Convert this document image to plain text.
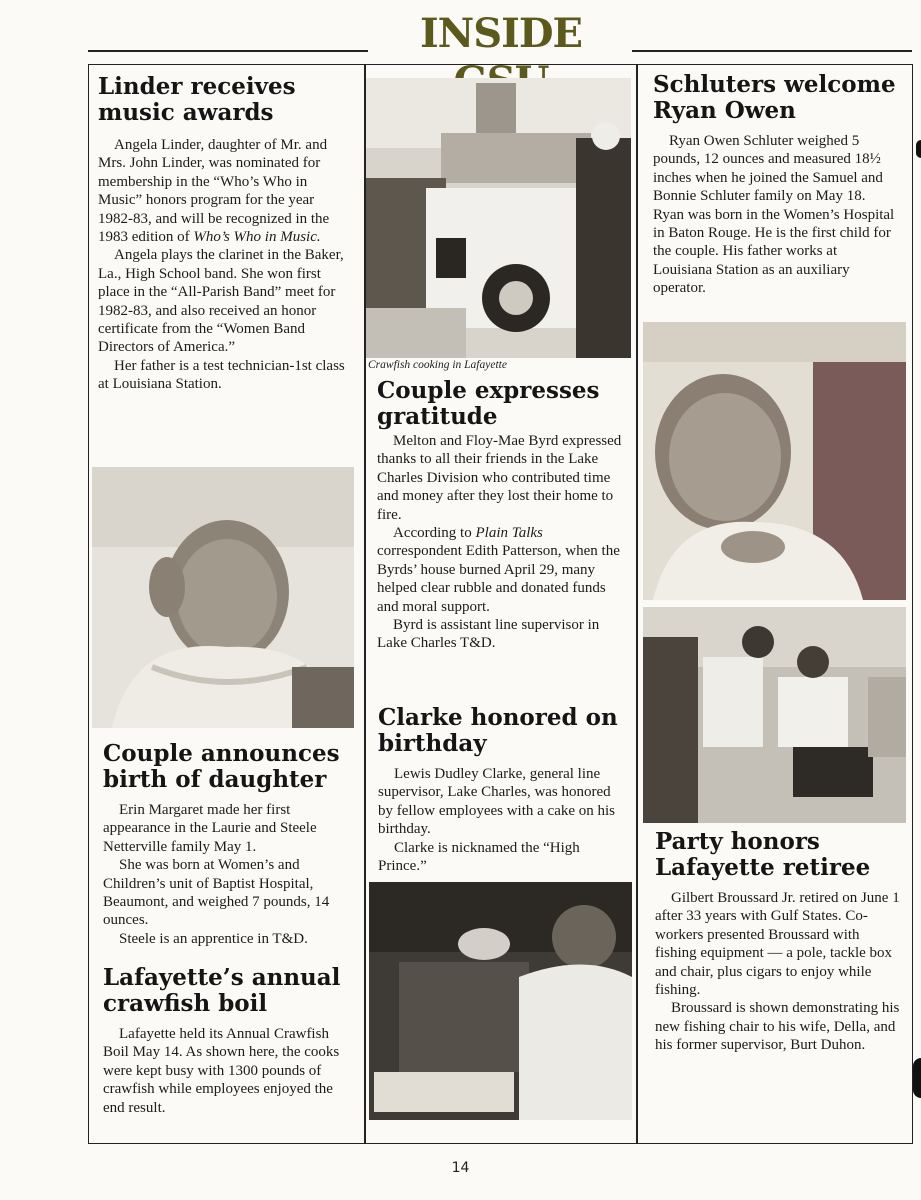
INSIDE
Linder receives music awards

Angela Linder, daughter of Mr. and Mrs. John Linder, was nominated for membership in the “Who’s Who in Music” honors program for the year 1982-83, and will be recognized in the 1983 edition of Who’s Who in Music.

Angela plays the clarinet in the Baker, La., High School band. She won first place in the “All-Parish Band” meet for 1982-83, and also received an honor certificate from the “Women Band Directors of America.”

Her father is a test technician-1st class at Louisiana Station.

Couple announces birth of daughter

Erin Margaret made her first appearance in the Laurie and Steele Netterville family May 1.

She was born at Women’s and Children’s unit of Baptist Hospital, Beaumont, and weighed 7 pounds, 14 ounces.

Steele is an apprentice in T&D.

Lafayette’s annual crawfish boil

Lafayette held its Annual Crawfish Boil May 14. As shown here, the cooks were kept busy with 1300 pounds of crawfish while employees enjoyed the end result.

Crawfish cooking in Lafayette
Couple expresses gratitude

Melton and Floy-Mae Byrd expressed thanks to all their friends in the Lake Charles Division who contributed time and money after they lost their home to fire.

According to Plain Talks correspondent Edith Patterson, when the Byrds’ house burned April 29, many helped clear rubble and donated funds and moral support.

Byrd is assistant line supervisor in Lake Charles T&D.

Clarke honored on birthday

Lewis Dudley Clarke, general line supervisor, Lake Charles, was honored by fellow employees with a cake on his birthday.

Clarke is nicknamed the “High Prince.”

Schluters welcome Ryan Owen

Ryan Owen Schluter weighed 5 pounds, 12 ounces and measured 18½ inches when he joined the Samuel and Bonnie Schluter family on May 18. Ryan was born in the Women’s Hospital in Baton Rouge. He is the first child for the couple. His father works at Louisiana Station as an auxiliary operator.

Party honors Lafayette retiree

Gilbert Broussard Jr. retired on June 1 after 33 years with Gulf States. Co-workers presented Broussard with fishing equipment — a pole, tackle box and chair, plus cigars to enjoy while fishing.

Broussard is shown demonstrating his new fishing chair to his wife, Della, and his former supervisor, Burt Duhon.

14
